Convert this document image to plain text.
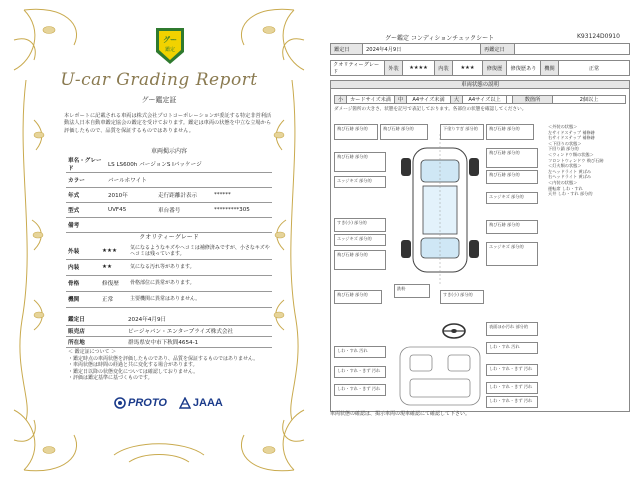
グー
鑑定
U-car Grading Report
グー鑑定証
本レポートに記載される車両は株式会社プロトコーポレーションが委託する特定非営利活動法人日本自動車鑑定協会の鑑定を受けております。鑑定は車両の状態を中立な立場から評価したもので、品質を保証するものではありません。
車両掲示内容
車名・グレード	LS LS600h バージョンS Iパッケージ		
カラー	パールホワイト		
年式	2010年	走行距離計表示	******
型式	UVF45	車台番号	*********305
備考			
クオリティーグレード
外装	★★★	気になるようなキズやヘコミは補修済みですが、小さなキズやヘコミは残っています。
内装	★★	気になる汚れ等があります。
骨格	修復歴	骨格部位に異常があります。
機関	正常	主要機関に異常はありません。
鑑定日	2024年4月9日
販売店	ビージャパン・エンタープライズ株式会社
所在地	群馬県安中市下秋間4654-1
＜ 鑑定証について ＞
・鑑定時点の車両状態を評価したものであり、品質を保証するものではありません。
・車両状態は時間の経過と共に変化する場合があります。
・鑑定日以降の状態変化については確認しておりません。
・評価は鑑定基準に基づくものです。
PROTO JAAA
グー鑑定 コンディションチェックシート	K93124D0910
鑑定日	2024年4月9日	再鑑定日	
クオリティーグレード	外装	★★★★	内装	★★★	修復歴	修復歴あり	機関	正常
車両状態の説明
小	カードサイズ未満	中	A4サイズ未満	大	A4サイズ以上		数箇所	2個以上
ダメージ箇所の大きさ、状態を記号で表記しております。各部位の状態を確認してください。
飛び石跡 部分的	飛び石跡 部分的	下塗りすぎ 部分的	飛び石跡 部分的
飛び石跡 部分的
飛び石跡 部分的
飛び石跡 部分的
エッジキズ 部分的
エッジキズ 部分的
すき(小) 部分的
エッジキズ 部分的
飛び石跡 部分的
飛び石跡 部分的
エッジキズ 部分的
飛び石跡 部分的
鉄粉
すき(小) 部分的
表面ほか汚れ 部分的
しわ・すれ 汚れ
しわ・すれ 汚れ
しわ・すれ・きず 汚れ
しわ・すれ・きず 汚れ
しわ・すれ・きず 汚れ	しわ・すれ・きず 汚れ
しわ・すれ・きず 汚れ
＜外装の状態＞
左サイドステップ 補修跡
右サイドステップ 補修跡
＜下回りの状態＞
下回り錆 部分的
＜ウィンドウ類の状態＞
フロントウィンドウ 飛び石跡
＜灯火類の状態＞
左ヘッドライト 黄ばみ
右ヘッドライト 黄ばみ
＜内装の状態＞
運転席 しわ・すれ
天井 しわ・すれ 部分的
車両状態の確認は、掲示車両の現車確認にて確認して下さい。
